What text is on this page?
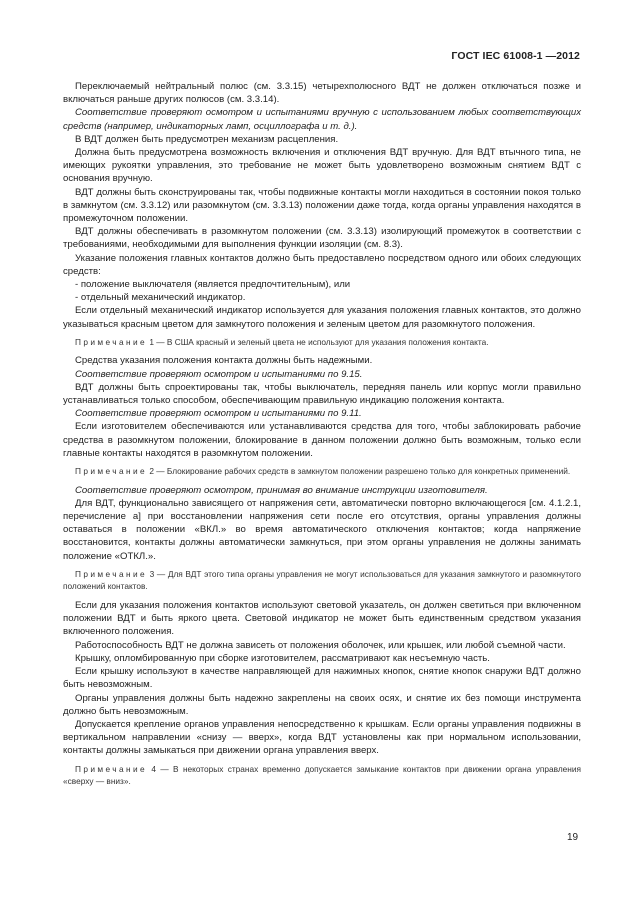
ГОСТ IEC 61008-1 —2012

Переключаемый нейтральный полюс (см. 3.3.15) четырехполюсного ВДТ не должен отключаться позже и включаться раньше других полюсов (см. 3.3.14).

Соответствие проверяют осмотром и испытаниями вручную с использованием любых соответствующих средств (например, индикаторных ламп, осциллографа и т. д.).

В ВДТ должен быть предусмотрен механизм расцепления.

Должна быть предусмотрена возможность включения и отключения ВДТ вручную. Для ВДТ втычного типа, не имеющих рукоятки управления, это требование не может быть удовлетворено возможным снятием ВДТ с основания вручную.

ВДТ должны быть сконструированы так, чтобы подвижные контакты могли находиться в состоянии покоя только в замкнутом (см. 3.3.12) или разомкнутом (см. 3.3.13) положении даже тогда, когда органы управления находятся в промежуточном положении.

ВДТ должны обеспечивать в разомкнутом положении (см. 3.3.13) изолирующий промежуток в соответствии с требованиями, необходимыми для выполнения функции изоляции (см. 8.3).

Указание положения главных контактов должно быть предоставлено посредством одного или обоих следующих средств:

- положение выключателя (является предпочтительным), или

- отдельный механический индикатор.

Если отдельный механический индикатор используется для указания положения главных контактов, это должно указываться красным цветом для замкнутого положения и зеленым цветом для разомкнутого положения.

Примечание 1 — В США красный и зеленый цвета не используют для указания положения контакта.

Средства указания положения контакта должны быть надежными.

Соответствие проверяют осмотром и испытаниями по 9.15.

ВДТ должны быть спроектированы так, чтобы выключатель, передняя панель или корпус могли правильно устанавливаться только способом, обеспечивающим правильную индикацию положения контакта.

Соответствие проверяют осмотром и испытаниями по 9.11.

Если изготовителем обеспечиваются или устанавливаются средства для того, чтобы заблокировать рабочие средства в разомкнутом положении, блокирование в данном положении должно быть возможным, только если главные контакты находятся в разомкнутом положении.

Примечание 2 — Блокирование рабочих средств в замкнутом положении разрешено только для конкретных применений.

Соответствие проверяют осмотром, принимая во внимание инструкции изготовителя.

Для ВДТ, функционально зависящего от напряжения сети, автоматически повторно включающегося [см. 4.1.2.1, перечисление а] при восстановлении напряжения сети после его отсутствия, органы управления должны оставаться в положении «ВКЛ.» во время автоматического отключения контактов; когда напряжение восстановится, контакты должны автоматически замкнуться, при этом органы управления не должны занимать положение «ОТКЛ.».

Примечание 3 — Для ВДТ этого типа органы управления не могут использоваться для указания замкнутого и разомкнутого положений контактов.

Если для указания положения контактов используют световой указатель, он должен светиться при включенном положении ВДТ и быть яркого цвета. Световой индикатор не может быть единственным средством указания включенного положения.

Работоспособность ВДТ не должна зависеть от положения оболочек, или крышек, или любой съемной части.

Крышку, опломбированную при сборке изготовителем, рассматривают как несъемную часть.

Если крышку используют в качестве направляющей для нажимных кнопок, снятие кнопок снаружи ВДТ должно быть невозможным.

Органы управления должны быть надежно закреплены на своих осях, и снятие их без помощи инструмента должно быть невозможным.

Допускается крепление органов управления непосредственно к крышкам. Если органы управления подвижны в вертикальном направлении «снизу — вверх», когда ВДТ установлены как при нормальном использовании, контакты должны замыкаться при движении органа управления вверх.

Примечание 4 — В некоторых странах временно допускается замыкание контактов при движении органа управления «сверху — вниз».

19
